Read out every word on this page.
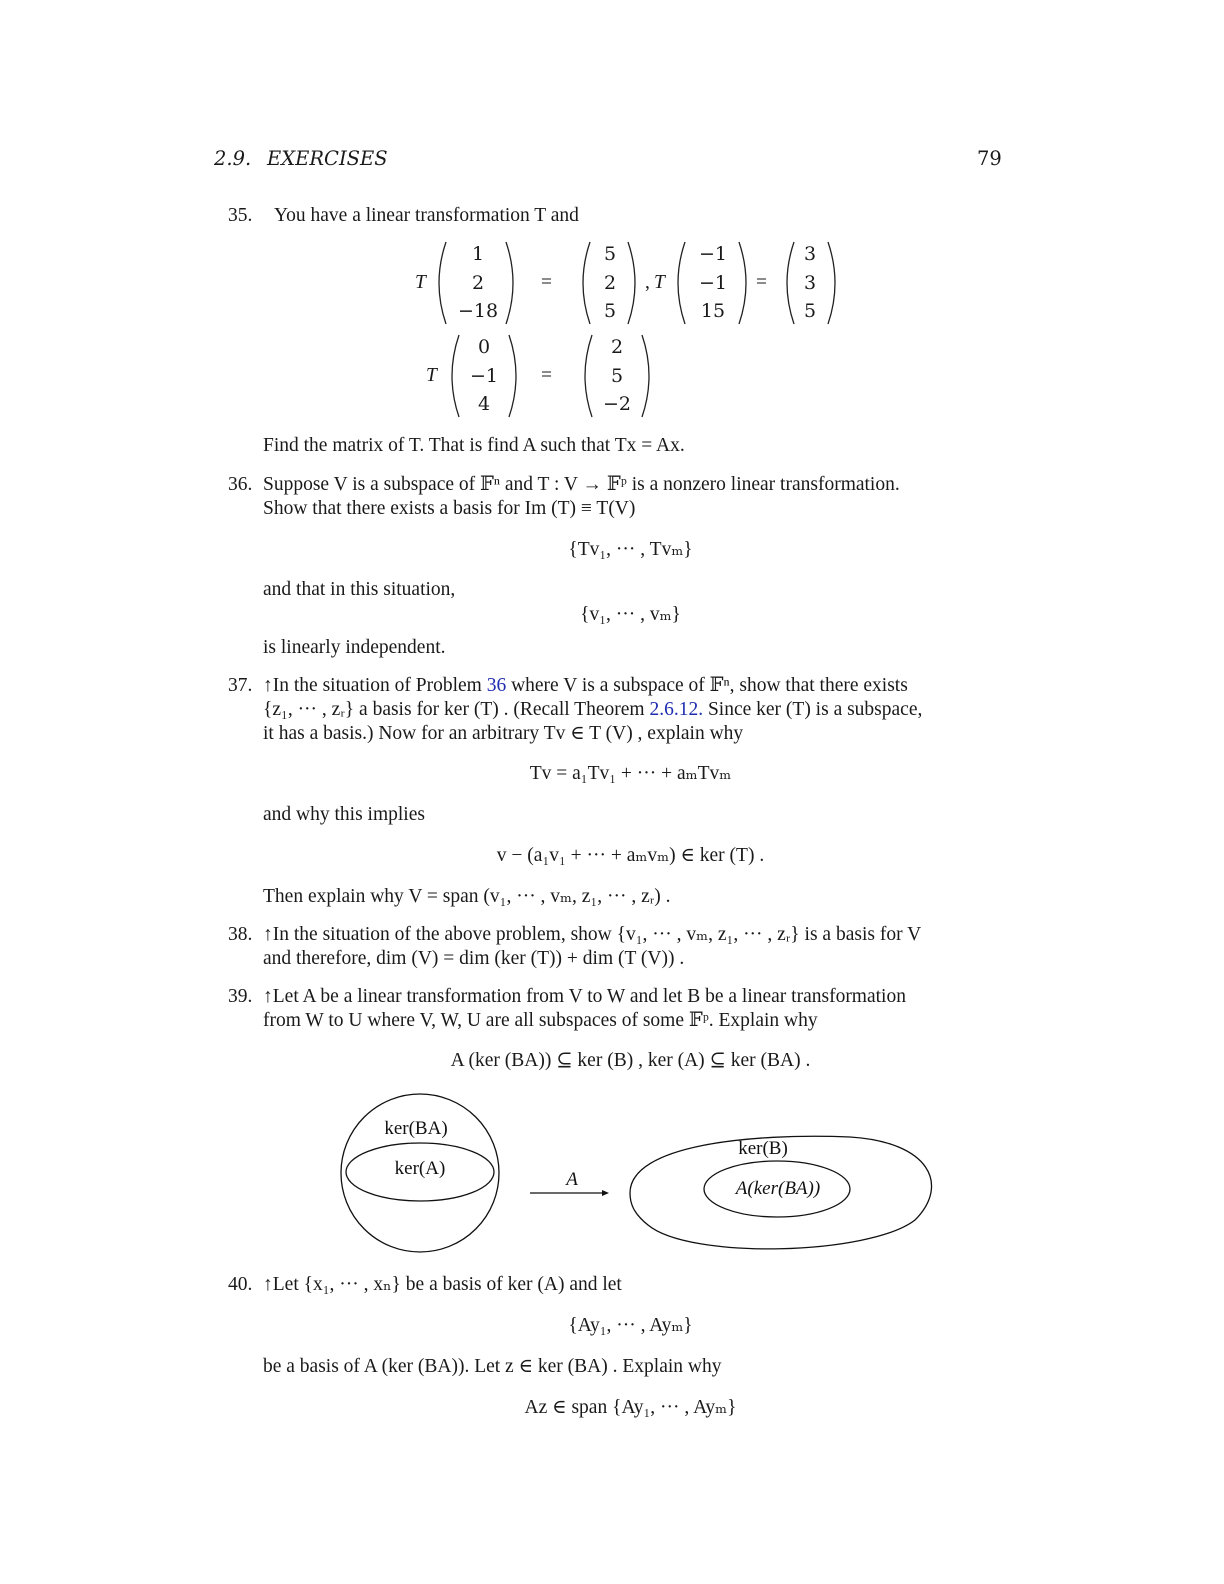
2.9. EXERCISES	79
35. You have a linear transformation T and
T
1
2
−18
=
5
2
5
, T
−1
−1
15
=
3
3
5
T
0
−1
4
=
2
5
−2
Find the matrix of T. That is find A such that Tx = Ax.
36. Suppose V is a subspace of 𝔽ⁿ and T : V → 𝔽ᵖ is a nonzero linear transformation.
Show that there exists a basis for Im (T) ≡ T(V)
{Tv₁, ··· , Tvₘ}
and that in this situation,
{v₁, ··· , vₘ}
is linearly independent.
37. ↑In the situation of Problem 36 where V is a subspace of 𝔽ⁿ, show that there exists
{z₁, ··· , zᵣ} a basis for ker (T) . (Recall Theorem 2.6.12. Since ker (T) is a subspace,
it has a basis.) Now for an arbitrary Tv ∈ T (V) , explain why
Tv = a₁Tv₁ + ··· + aₘTvₘ
and why this implies
v − (a₁v₁ + ··· + aₘvₘ) ∈ ker (T) .
Then explain why V = span (v₁, ··· , vₘ, z₁, ··· , zᵣ) .
38. ↑In the situation of the above problem, show {v₁, ··· , vₘ, z₁, ··· , zᵣ} is a basis for V
and therefore, dim (V) = dim (ker (T)) + dim (T (V)) .
39. ↑Let A be a linear transformation from V to W and let B be a linear transformation
from W to U where V, W, U are all subspaces of some 𝔽ᵖ. Explain why
A (ker (BA)) ⊆ ker (B) , ker (A) ⊆ ker (BA) .
ker(BA)
ker(A)
A
ker(B)
A(ker(BA))
40. ↑Let {x₁, ··· , xₙ} be a basis of ker (A) and let
{Ay₁, ··· , Ayₘ}
be a basis of A (ker (BA)). Let z ∈ ker (BA) . Explain why
Az ∈ span {Ay₁, ··· , Ayₘ}
